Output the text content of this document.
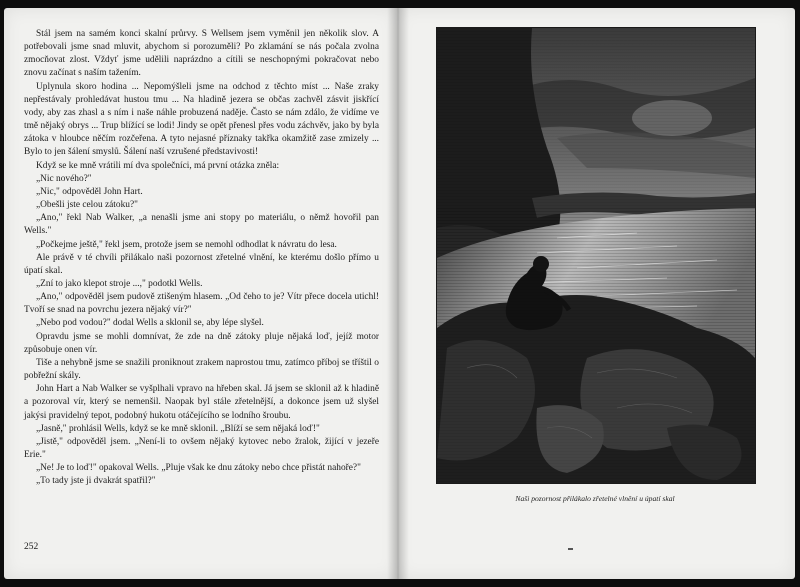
Stál jsem na samém konci skalní průrvy. S Wellsem jsem vyměnil jen několik slov. A potřebovali jsme snad mluvit, abychom si porozuměli? Po zklamání se nás počala zvolna zmocňovat zlost. Vždyť jsme udělili naprázdno a cítili se neschopnými pokračovat nebo znovu začínat s naším tažením.

Uplynula skoro hodina ... Nepomýšleli jsme na odchod z těchto míst ... Naše zraky nepřestávaly prohledávat hustou tmu ... Na hladině jezera se občas zachvěl zásvit jiskřící vody, aby zas zhasl a s ním i naše náhle probuzená naděje. Často se nám zdálo, že vidíme ve tmě nějaký obrys ... Trup blížící se lodi! Jindy se opět přenesl přes vodu záchvěv, jako by byla zátoka v hloubce něčím rozčeřena. A tyto nejasné příznaky takřka okamžitě zase zmizely ... Bylo to jen šálení smyslů. Šálení naší vzrušené představivosti!

Když se ke mně vrátili mí dva společníci, má první otázka zněla:

„Nic nového?"

„Nic," odpověděl John Hart.

„Obešli jste celou zátoku?"

„Ano," řekl Nab Walker, „a nenašli jsme ani stopy po materiálu, o němž hovořil pan Wells."

„Počkejme ještě," řekl jsem, protože jsem se nemohl odhodlat k návratu do lesa.

Ale právě v té chvíli přilákalo naši pozornost zřetelné vlnění, ke kterému došlo přímo u úpatí skal.

„Zní to jako klepot stroje ...," podotkl Wells.

„Ano," odpověděl jsem pudově ztišeným hlasem. „Od čeho to je? Vítr přece docela utichl! Tvoří se snad na povrchu jezera nějaký vír?"

„Nebo pod vodou?" dodal Wells a sklonil se, aby lépe slyšel.

Opravdu jsme se mohli domnívat, že zde na dně zátoky pluje nějaká loď, jejíž motor způsobuje onen vír.

Tiše a nehybně jsme se snažili proniknout zrakem naprostou tmu, zatímco příboj se tříštil o pobřežní skály.

John Hart a Nab Walker se vyšplhali vpravo na hřeben skal. Já jsem se sklonil až k hladině a pozoroval vír, který se nemenšil. Naopak byl stále zřetelnější, a dokonce jsem už slyšel jakýsi pravidelný tepot, podobný hukotu otáčejícího se lodního šroubu.

„Jasně," prohlásil Wells, když se ke mně sklonil. „Blíží se sem nějaká loď!"

„Jistě," odpověděl jsem. „Není-li to ovšem nějaký kytovec nebo žralok, žijící v jezeře Erie."

„Ne! Je to loď!" opakoval Wells. „Pluje však ke dnu zátoky nebo chce přistát nahoře?"

„To tady jste ji dvakrát spatřil?"

252
Naši pozornost přilákalo zřetelné vlnění u úpatí skal
